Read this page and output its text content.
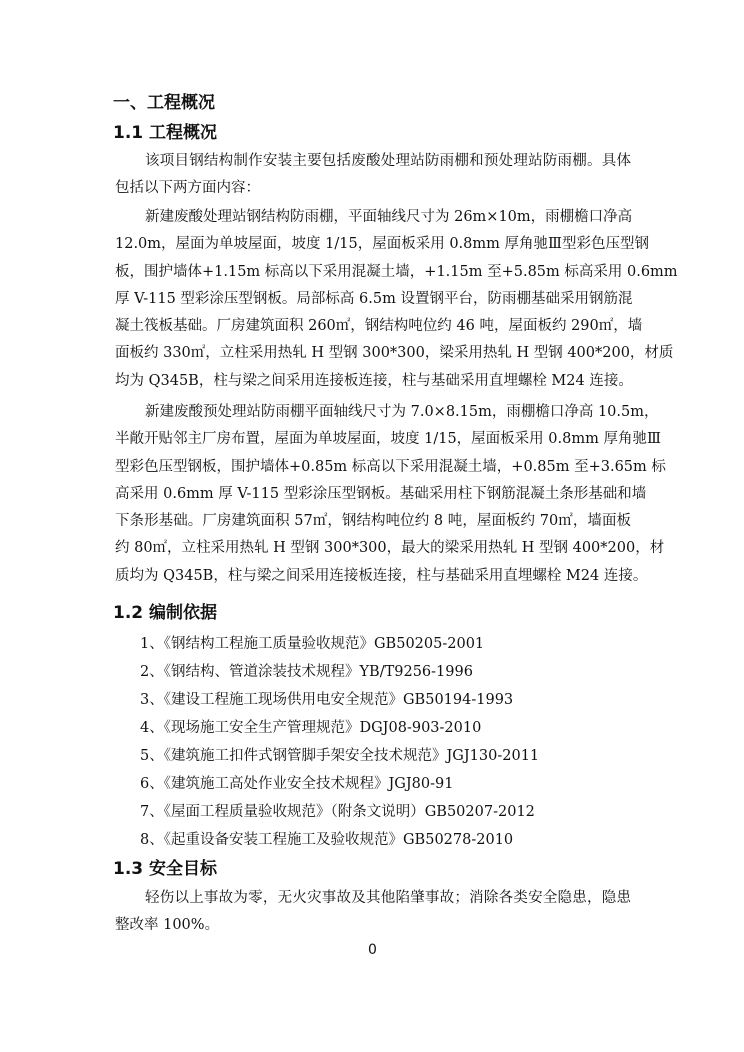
一、工程概况
1.1 工程概况
该项目钢结构制作安装主要包括废酸处理站防雨棚和预处理站防雨棚。具体
包括以下两方面内容：
新建废酸处理站钢结构防雨棚，平面轴线尺寸为 26m×10m，雨棚檐口净高
12.0m，屋面为单坡屋面，坡度 1/15，屋面板采用 0.8mm 厚角驰Ⅲ型彩色压型钢
板，围护墙体+1.15m 标高以下采用混凝土墙，+1.15m 至+5.85m 标高采用 0.6mm
厚 V-115 型彩涂压型钢板。局部标高 6.5m 设置钢平台，防雨棚基础采用钢筋混
凝土筏板基础。厂房建筑面积 260㎡，钢结构吨位约 46 吨，屋面板约 290㎡，墙
面板约 330㎡，立柱采用热轧 H 型钢 300*300，梁采用热轧 H 型钢 400*200，材质
均为 Q345B，柱与梁之间采用连接板连接，柱与基础采用直埋螺栓 M24 连接。
新建废酸预处理站防雨棚平面轴线尺寸为 7.0×8.15m，雨棚檐口净高 10.5m，
半敞开贴邻主厂房布置，屋面为单坡屋面，坡度 1/15，屋面板采用 0.8mm 厚角驰Ⅲ
型彩色压型钢板，围护墙体+0.85m 标高以下采用混凝土墙，+0.85m 至+3.65m 标
高采用 0.6mm 厚 V-115 型彩涂压型钢板。基础采用柱下钢筋混凝土条形基础和墙
下条形基础。厂房建筑面积 57㎡，钢结构吨位约 8 吨，屋面板约 70㎡，墙面板
约 80㎡，立柱采用热轧 H 型钢 300*300，最大的梁采用热轧 H 型钢 400*200，材
质均为 Q345B，柱与梁之间采用连接板连接，柱与基础采用直埋螺栓 M24 连接。
1.2 编制依据
1、《钢结构工程施工质量验收规范》GB50205-2001
2、《钢结构、管道涂装技术规程》YB/T9256-1996
3、《建设工程施工现场供用电安全规范》GB50194-1993
4、《现场施工安全生产管理规范》DGJ08-903-2010
5、《建筑施工扣件式钢管脚手架安全技术规范》JGJ130-2011
6、《建筑施工高处作业安全技术规程》JGJ80-91
7、《屋面工程质量验收规范》（附条文说明）GB50207-2012
8、《起重设备安装工程施工及验收规范》GB50278-2010
1.3 安全目标
轻伤以上事故为零，无火灾事故及其他陷肇事故；消除各类安全隐患，隐患
整改率 100%。
0
